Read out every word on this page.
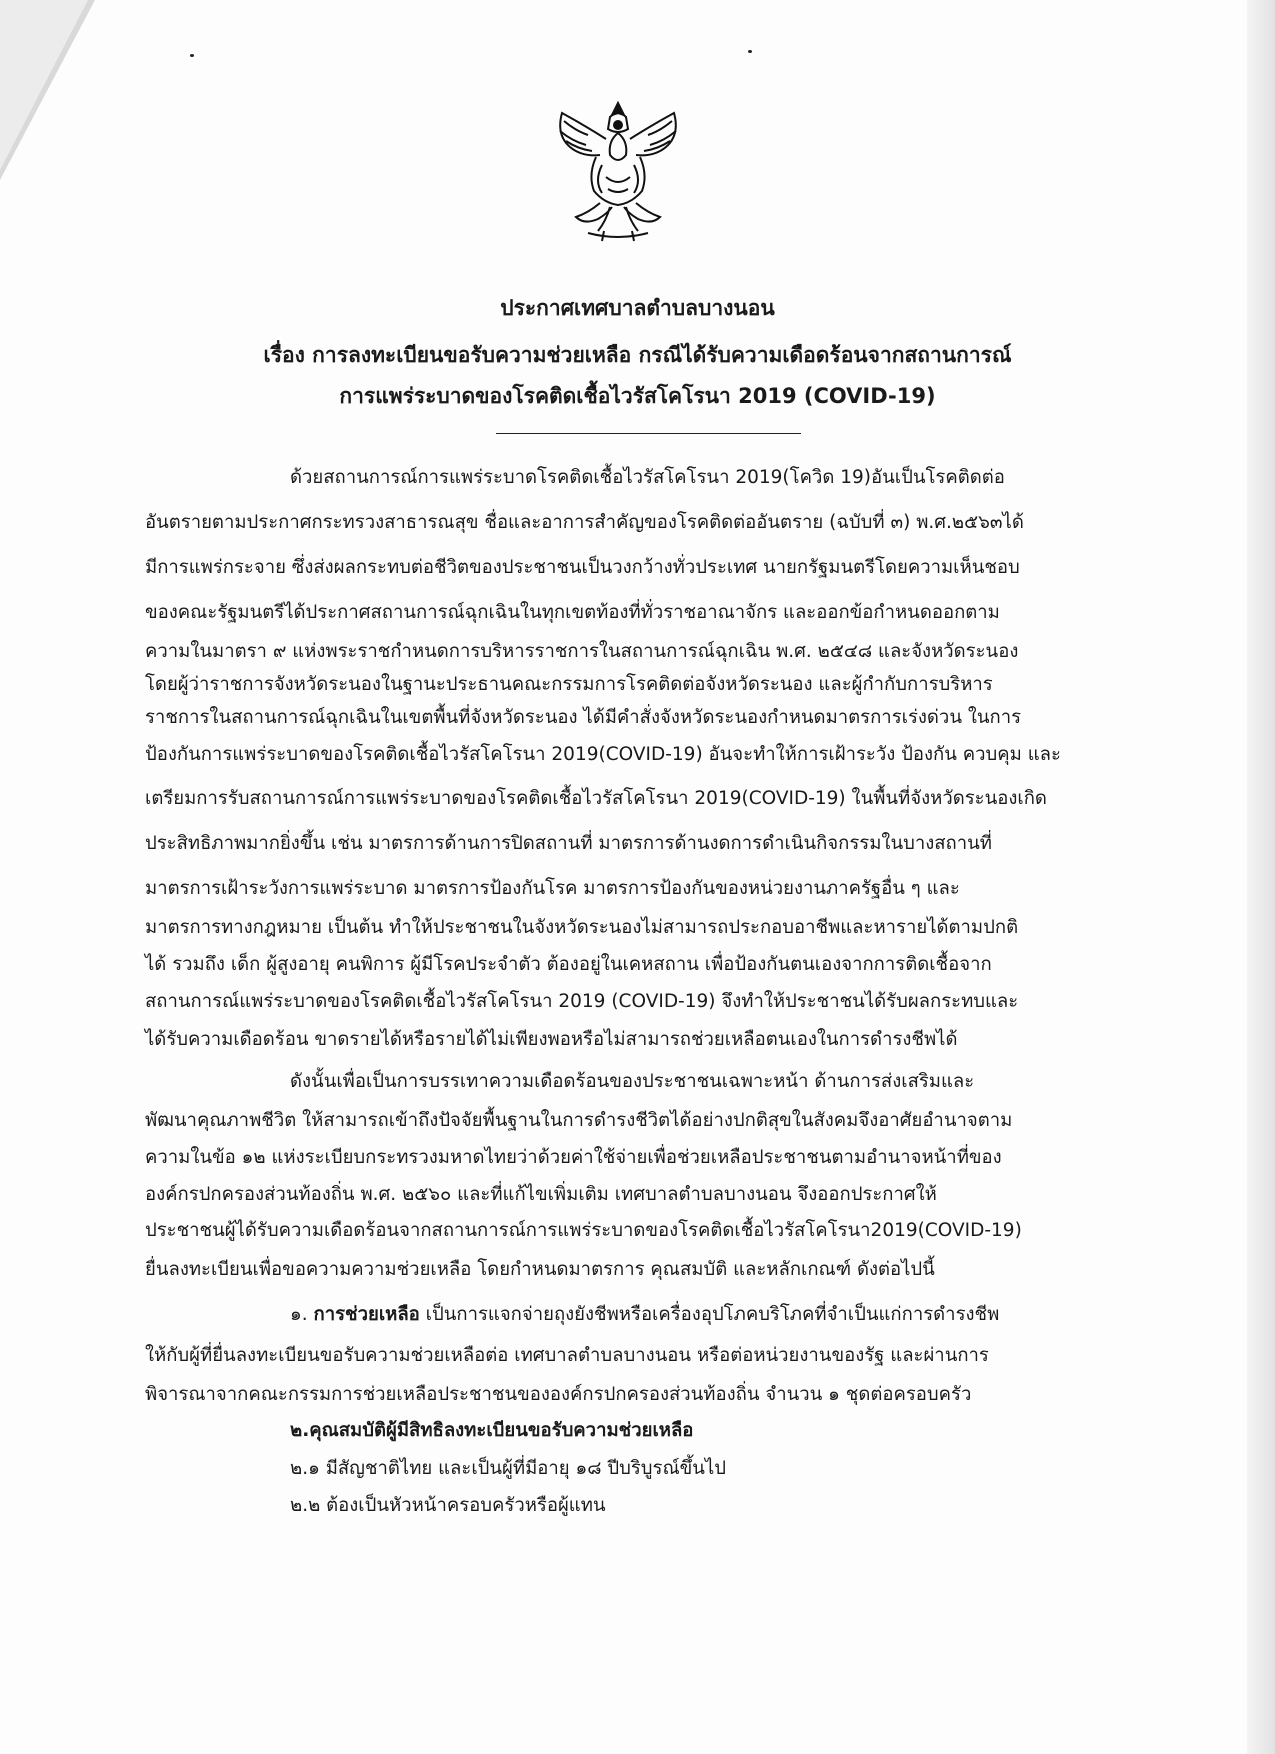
ประกาศเทศบาลตำบลบางนอน
เรื่อง การลงทะเบียนขอรับความช่วยเหลือ กรณีได้รับความเดือดร้อนจากสถานการณ์
การแพร่ระบาดของโรคติดเชื้อไวรัสโคโรนา 2019 (COVID-19)
ด้วยสถานการณ์การแพร่ระบาดโรคติดเชื้อไวรัสโคโรนา 2019(โควิด 19)อันเป็นโรคติดต่อ
อันตรายตามประกาศกระทรวงสาธารณสุข ชื่อและอาการสำคัญของโรคติดต่ออันตราย (ฉบับที่ ๓) พ.ศ.๒๕๖๓ได้
มีการแพร่กระจาย ซึ่งส่งผลกระทบต่อชีวิตของประชาชนเป็นวงกว้างทั่วประเทศ นายกรัฐมนตรีโดยความเห็นชอบ
ของคณะรัฐมนตรีได้ประกาศสถานการณ์ฉุกเฉินในทุกเขตท้องที่ทั่วราชอาณาจักร และออกข้อกำหนดออกตาม
ความในมาตรา ๙ แห่งพระราชกำหนดการบริหารราชการในสถานการณ์ฉุกเฉิน พ.ศ. ๒๕๔๘ และจังหวัดระนอง
โดยผู้ว่าราชการจังหวัดระนองในฐานะประธานคณะกรรมการโรคติดต่อจังหวัดระนอง และผู้กำกับการบริหาร
ราชการในสถานการณ์ฉุกเฉินในเขตพื้นที่จังหวัดระนอง ได้มีคำสั่งจังหวัดระนองกำหนดมาตรการเร่งด่วน ในการ
ป้องกันการแพร่ระบาดของโรคติดเชื้อไวรัสโคโรนา 2019(COVID-19) อันจะทำให้การเฝ้าระวัง ป้องกัน ควบคุม และ
เตรียมการรับสถานการณ์การแพร่ระบาดของโรคติดเชื้อไวรัสโคโรนา 2019(COVID-19) ในพื้นที่จังหวัดระนองเกิด
ประสิทธิภาพมากยิ่งขึ้น เช่น มาตรการด้านการปิดสถานที่ มาตรการด้านงดการดำเนินกิจกรรมในบางสถานที่
มาตรการเฝ้าระวังการแพร่ระบาด มาตรการป้องกันโรค มาตรการป้องกันของหน่วยงานภาครัฐอื่น ๆ และ
มาตรการทางกฎหมาย เป็นต้น ทำให้ประชาชนในจังหวัดระนองไม่สามารถประกอบอาชีพและหารายได้ตามปกติ
ได้ รวมถึง เด็ก ผู้สูงอายุ คนพิการ ผู้มีโรคประจำตัว ต้องอยู่ในเคหสถาน เพื่อป้องกันตนเองจากการติดเชื้อจาก
สถานการณ์แพร่ระบาดของโรคติดเชื้อไวรัสโคโรนา 2019 (COVID-19) จึงทำให้ประชาชนได้รับผลกระทบและ
ได้รับความเดือดร้อน ขาดรายได้หรือรายได้ไม่เพียงพอหรือไม่สามารถช่วยเหลือตนเองในการดำรงชีพได้
ดังนั้นเพื่อเป็นการบรรเทาความเดือดร้อนของประชาชนเฉพาะหน้า ด้านการส่งเสริมและ
พัฒนาคุณภาพชีวิต ให้สามารถเข้าถึงปัจจัยพื้นฐานในการดำรงชีวิตได้อย่างปกติสุขในสังคมจึงอาศัยอำนาจตาม
ความในข้อ ๑๒ แห่งระเบียบกระทรวงมหาดไทยว่าด้วยค่าใช้จ่ายเพื่อช่วยเหลือประชาชนตามอำนาจหน้าที่ของ
องค์กรปกครองส่วนท้องถิ่น พ.ศ. ๒๕๖๐ และที่แก้ไขเพิ่มเติม เทศบาลตำบลบางนอน จึงออกประกาศให้
ประชาชนผู้ได้รับความเดือดร้อนจากสถานการณ์การแพร่ระบาดของโรคติดเชื้อไวรัสโคโรนา2019(COVID-19)
ยื่นลงทะเบียนเพื่อขอความความช่วยเหลือ โดยกำหนดมาตรการ คุณสมบัติ และหลักเกณฑ์ ดังต่อไปนี้
๑. การช่วยเหลือ เป็นการแจกจ่ายถุงยังชีพหรือเครื่องอุปโภคบริโภคที่จำเป็นแก่การดำรงชีพ
ให้กับผู้ที่ยื่นลงทะเบียนขอรับความช่วยเหลือต่อ เทศบาลตำบลบางนอน หรือต่อหน่วยงานของรัฐ และผ่านการ
พิจารณาจากคณะกรรมการช่วยเหลือประชาชนขององค์กรปกครองส่วนท้องถิ่น จำนวน ๑ ชุดต่อครอบครัว
๒.คุณสมบัติผู้มีสิทธิลงทะเบียนขอรับความช่วยเหลือ
๒.๑ มีสัญชาติไทย และเป็นผู้ที่มีอายุ ๑๘ ปีบริบูรณ์ขึ้นไป
๒.๒ ต้องเป็นหัวหน้าครอบครัวหรือผู้แทน
